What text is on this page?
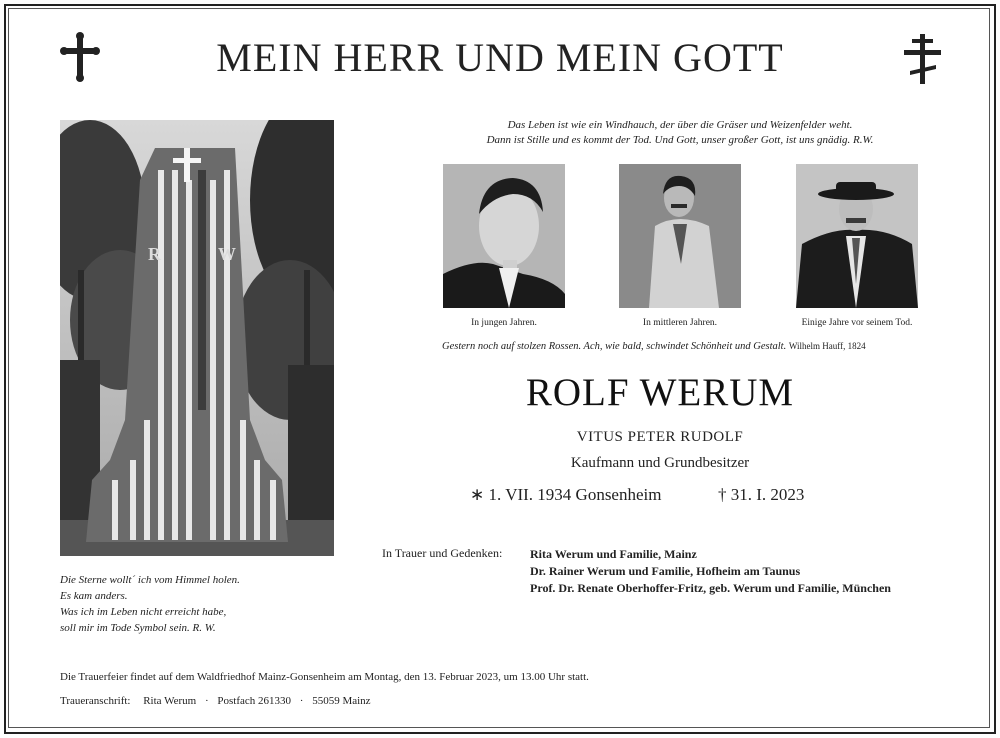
MEIN HERR UND MEIN GOTT
R	W
Die Sterne wollt´ ich vom Himmel holen.
Es kam anders.
Was ich im Leben nicht erreicht habe,
soll mir im Tode Symbol sein. R. W.
Das Leben ist wie ein Windhauch, der über die Gräser und Weizenfelder weht.
Dann ist Stille und es kommt der Tod. Und Gott, unser großer Gott, ist uns gnädig. R.W.
In jungen Jahren.	In mittleren Jahren.	Einige Jahre vor seinem Tod.
Gestern noch auf stolzen Rossen. Ach, wie bald, schwindet Schönheit und Gestalt. Wilhelm Hauff, 1824
ROLF WERUM
VITUS PETER RUDOLF
Kaufmann und Grundbesitzer
∗ 1. VII. 1934 Gonsenheim	† 31. I. 2023
In Trauer und Gedenken: Rita Werum und Familie, Mainz
Dr. Rainer Werum und Familie, Hofheim am Taunus
Prof. Dr. Renate Oberhoffer-Fritz, geb. Werum und Familie, München
Die Trauerfeier findet auf dem Waldfriedhof Mainz-Gonsenheim am Montag, den 13. Februar 2023, um 13.00 Uhr statt.
Traueranschrift: Rita Werum · Postfach 261330 · 55059 Mainz
